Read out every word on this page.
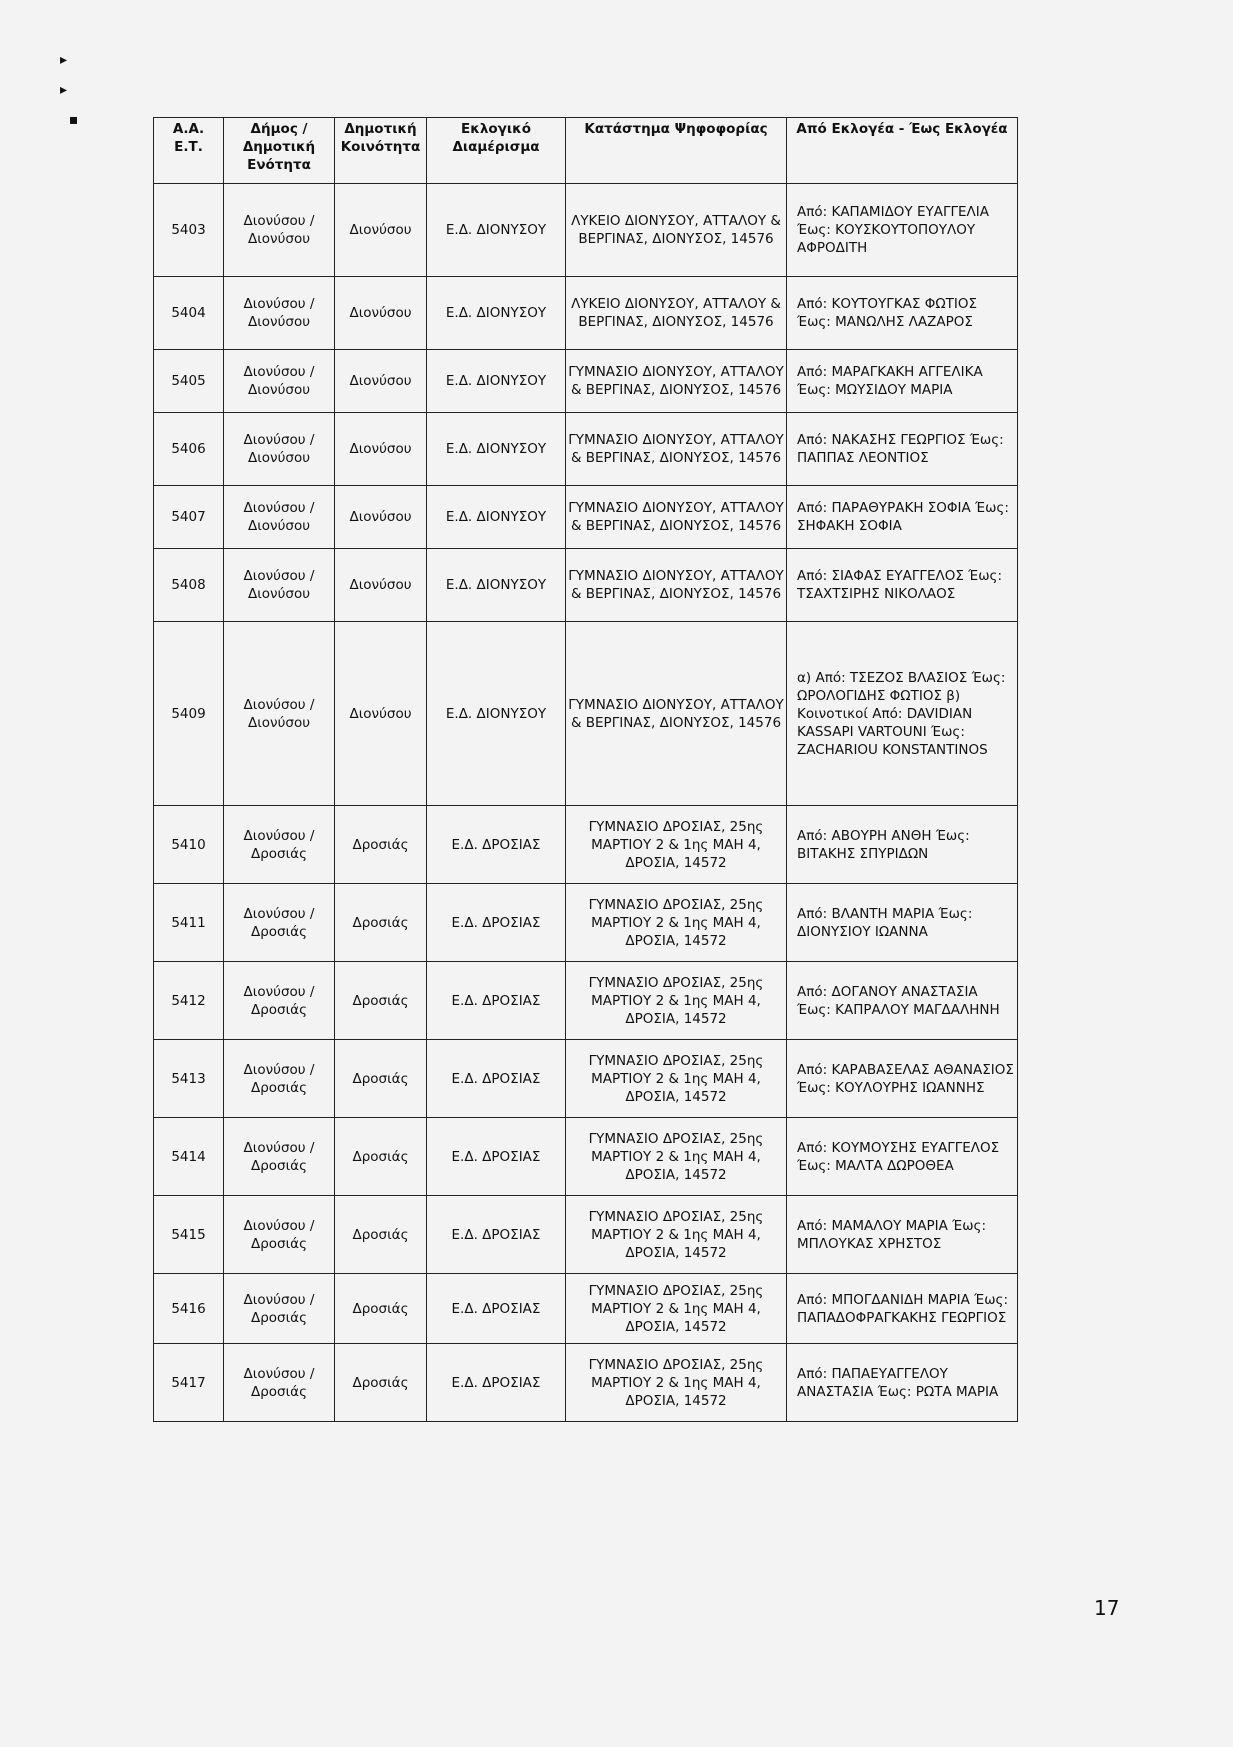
▸
▸
▪
Α.Α. Ε.Τ.	Δήμος / Δημοτική Ενότητα	Δημοτική Κοινότητα	Εκλογικό Διαμέρισμα	Κατάστημα Ψηφοφορίας	Από Εκλογέα - Έως Εκλογέα
5403	Διονύσου / Διονύσου	Διονύσου	Ε.Δ. ΔΙΟΝΥΣΟΥ	ΛΥΚΕΙΟ ΔΙΟΝΥΣΟΥ, ΑΤΤΑΛΟΥ & ΒΕΡΓΙΝΑΣ, ΔΙΟΝΥΣΟΣ, 14576	Από: ΚΑΠΑΜΙΔΟΥ ΕΥΑΓΓΕΛΙΑ Έως: ΚΟΥΣΚΟΥΤΟΠΟΥΛΟΥ ΑΦΡΟΔΙΤΗ
5404	Διονύσου / Διονύσου	Διονύσου	Ε.Δ. ΔΙΟΝΥΣΟΥ	ΛΥΚΕΙΟ ΔΙΟΝΥΣΟΥ, ΑΤΤΑΛΟΥ & ΒΕΡΓΙΝΑΣ, ΔΙΟΝΥΣΟΣ, 14576	Από: ΚΟΥΤΟΥΓΚΑΣ ΦΩΤΙΟΣ Έως: ΜΑΝΩΛΗΣ ΛΑΖΑΡΟΣ
5405	Διονύσου / Διονύσου	Διονύσου	Ε.Δ. ΔΙΟΝΥΣΟΥ	ΓΥΜΝΑΣΙΟ ΔΙΟΝΥΣΟΥ, ΑΤΤΑΛΟΥ & ΒΕΡΓΙΝΑΣ, ΔΙΟΝΥΣΟΣ, 14576	Από: ΜΑΡΑΓΚΑΚΗ ΑΓΓΕΛΙΚΑ Έως: ΜΩΥΣΙΔΟΥ ΜΑΡΙΑ
5406	Διονύσου / Διονύσου	Διονύσου	Ε.Δ. ΔΙΟΝΥΣΟΥ	ΓΥΜΝΑΣΙΟ ΔΙΟΝΥΣΟΥ, ΑΤΤΑΛΟΥ & ΒΕΡΓΙΝΑΣ, ΔΙΟΝΥΣΟΣ, 14576	Από: ΝΑΚΑΣΗΣ ΓΕΩΡΓΙΟΣ Έως: ΠΑΠΠΑΣ ΛΕΟΝΤΙΟΣ
5407	Διονύσου / Διονύσου	Διονύσου	Ε.Δ. ΔΙΟΝΥΣΟΥ	ΓΥΜΝΑΣΙΟ ΔΙΟΝΥΣΟΥ, ΑΤΤΑΛΟΥ & ΒΕΡΓΙΝΑΣ, ΔΙΟΝΥΣΟΣ, 14576	Από: ΠΑΡΑΘΥΡΑΚΗ ΣΟΦΙΑ Έως: ΣΗΦΑΚΗ ΣΟΦΙΑ
5408	Διονύσου / Διονύσου	Διονύσου	Ε.Δ. ΔΙΟΝΥΣΟΥ	ΓΥΜΝΑΣΙΟ ΔΙΟΝΥΣΟΥ, ΑΤΤΑΛΟΥ & ΒΕΡΓΙΝΑΣ, ΔΙΟΝΥΣΟΣ, 14576	Από: ΣΙΑΦΑΣ ΕΥΑΓΓΕΛΟΣ Έως: ΤΣΑΧΤΣΙΡΗΣ ΝΙΚΟΛΑΟΣ
5409	Διονύσου / Διονύσου	Διονύσου	Ε.Δ. ΔΙΟΝΥΣΟΥ	ΓΥΜΝΑΣΙΟ ΔΙΟΝΥΣΟΥ, ΑΤΤΑΛΟΥ & ΒΕΡΓΙΝΑΣ, ΔΙΟΝΥΣΟΣ, 14576	α) Από: ΤΣΕΖΟΣ ΒΛΑΣΙΟΣ Έως: ΩΡΟΛΟΓΙΔΗΣ ΦΩΤΙΟΣ β) Κοινοτικοί Από: DAVIDIAN KASSAPI VARTOUNI Έως: ZACHARIOU KONSTANTINOS
5410	Διονύσου / Δροσιάς	Δροσιάς	Ε.Δ. ΔΡΟΣΙΑΣ	ΓΥΜΝΑΣΙΟ ΔΡΟΣΙΑΣ, 25ης ΜΑΡΤΙΟΥ 2 & 1ης ΜΑΗ 4, ΔΡΟΣΙΑ, 14572	Από: ΑΒΟΥΡΗ ΑΝΘΗ Έως: ΒΙΤΑΚΗΣ ΣΠΥΡΙΔΩΝ
5411	Διονύσου / Δροσιάς	Δροσιάς	Ε.Δ. ΔΡΟΣΙΑΣ	ΓΥΜΝΑΣΙΟ ΔΡΟΣΙΑΣ, 25ης ΜΑΡΤΙΟΥ 2 & 1ης ΜΑΗ 4, ΔΡΟΣΙΑ, 14572	Από: ΒΛΑΝΤΗ ΜΑΡΙΑ Έως: ΔΙΟΝΥΣΙΟΥ ΙΩΑΝΝΑ
5412	Διονύσου / Δροσιάς	Δροσιάς	Ε.Δ. ΔΡΟΣΙΑΣ	ΓΥΜΝΑΣΙΟ ΔΡΟΣΙΑΣ, 25ης ΜΑΡΤΙΟΥ 2 & 1ης ΜΑΗ 4, ΔΡΟΣΙΑ, 14572	Από: ΔΟΓΑΝΟΥ ΑΝΑΣΤΑΣΙΑ Έως: ΚΑΠΡΑΛΟΥ ΜΑΓΔΑΛΗΝΗ
5413	Διονύσου / Δροσιάς	Δροσιάς	Ε.Δ. ΔΡΟΣΙΑΣ	ΓΥΜΝΑΣΙΟ ΔΡΟΣΙΑΣ, 25ης ΜΑΡΤΙΟΥ 2 & 1ης ΜΑΗ 4, ΔΡΟΣΙΑ, 14572	Από: ΚΑΡΑΒΑΣΕΛΑΣ ΑΘΑΝΑΣΙΟΣ Έως: ΚΟΥΛΟΥΡΗΣ ΙΩΑΝΝΗΣ
5414	Διονύσου / Δροσιάς	Δροσιάς	Ε.Δ. ΔΡΟΣΙΑΣ	ΓΥΜΝΑΣΙΟ ΔΡΟΣΙΑΣ, 25ης ΜΑΡΤΙΟΥ 2 & 1ης ΜΑΗ 4, ΔΡΟΣΙΑ, 14572	Από: ΚΟΥΜΟΥΣΗΣ ΕΥΑΓΓΕΛΟΣ Έως: ΜΑΛΤΑ ΔΩΡΟΘΕΑ
5415	Διονύσου / Δροσιάς	Δροσιάς	Ε.Δ. ΔΡΟΣΙΑΣ	ΓΥΜΝΑΣΙΟ ΔΡΟΣΙΑΣ, 25ης ΜΑΡΤΙΟΥ 2 & 1ης ΜΑΗ 4, ΔΡΟΣΙΑ, 14572	Από: ΜΑΜΑΛΟΥ ΜΑΡΙΑ Έως: ΜΠΛΟΥΚΑΣ ΧΡΗΣΤΟΣ
5416	Διονύσου / Δροσιάς	Δροσιάς	Ε.Δ. ΔΡΟΣΙΑΣ	ΓΥΜΝΑΣΙΟ ΔΡΟΣΙΑΣ, 25ης ΜΑΡΤΙΟΥ 2 & 1ης ΜΑΗ 4, ΔΡΟΣΙΑ, 14572	Από: ΜΠΟΓΔΑΝΙΔΗ ΜΑΡΙΑ Έως: ΠΑΠΑΔΟΦΡΑΓΚΑΚΗΣ ΓΕΩΡΓΙΟΣ
5417	Διονύσου / Δροσιάς	Δροσιάς	Ε.Δ. ΔΡΟΣΙΑΣ	ΓΥΜΝΑΣΙΟ ΔΡΟΣΙΑΣ, 25ης ΜΑΡΤΙΟΥ 2 & 1ης ΜΑΗ 4, ΔΡΟΣΙΑ, 14572	Από: ΠΑΠΑΕΥΑΓΓΕΛΟΥ ΑΝΑΣΤΑΣΙΑ Έως: ΡΩΤΑ ΜΑΡΙΑ
17
